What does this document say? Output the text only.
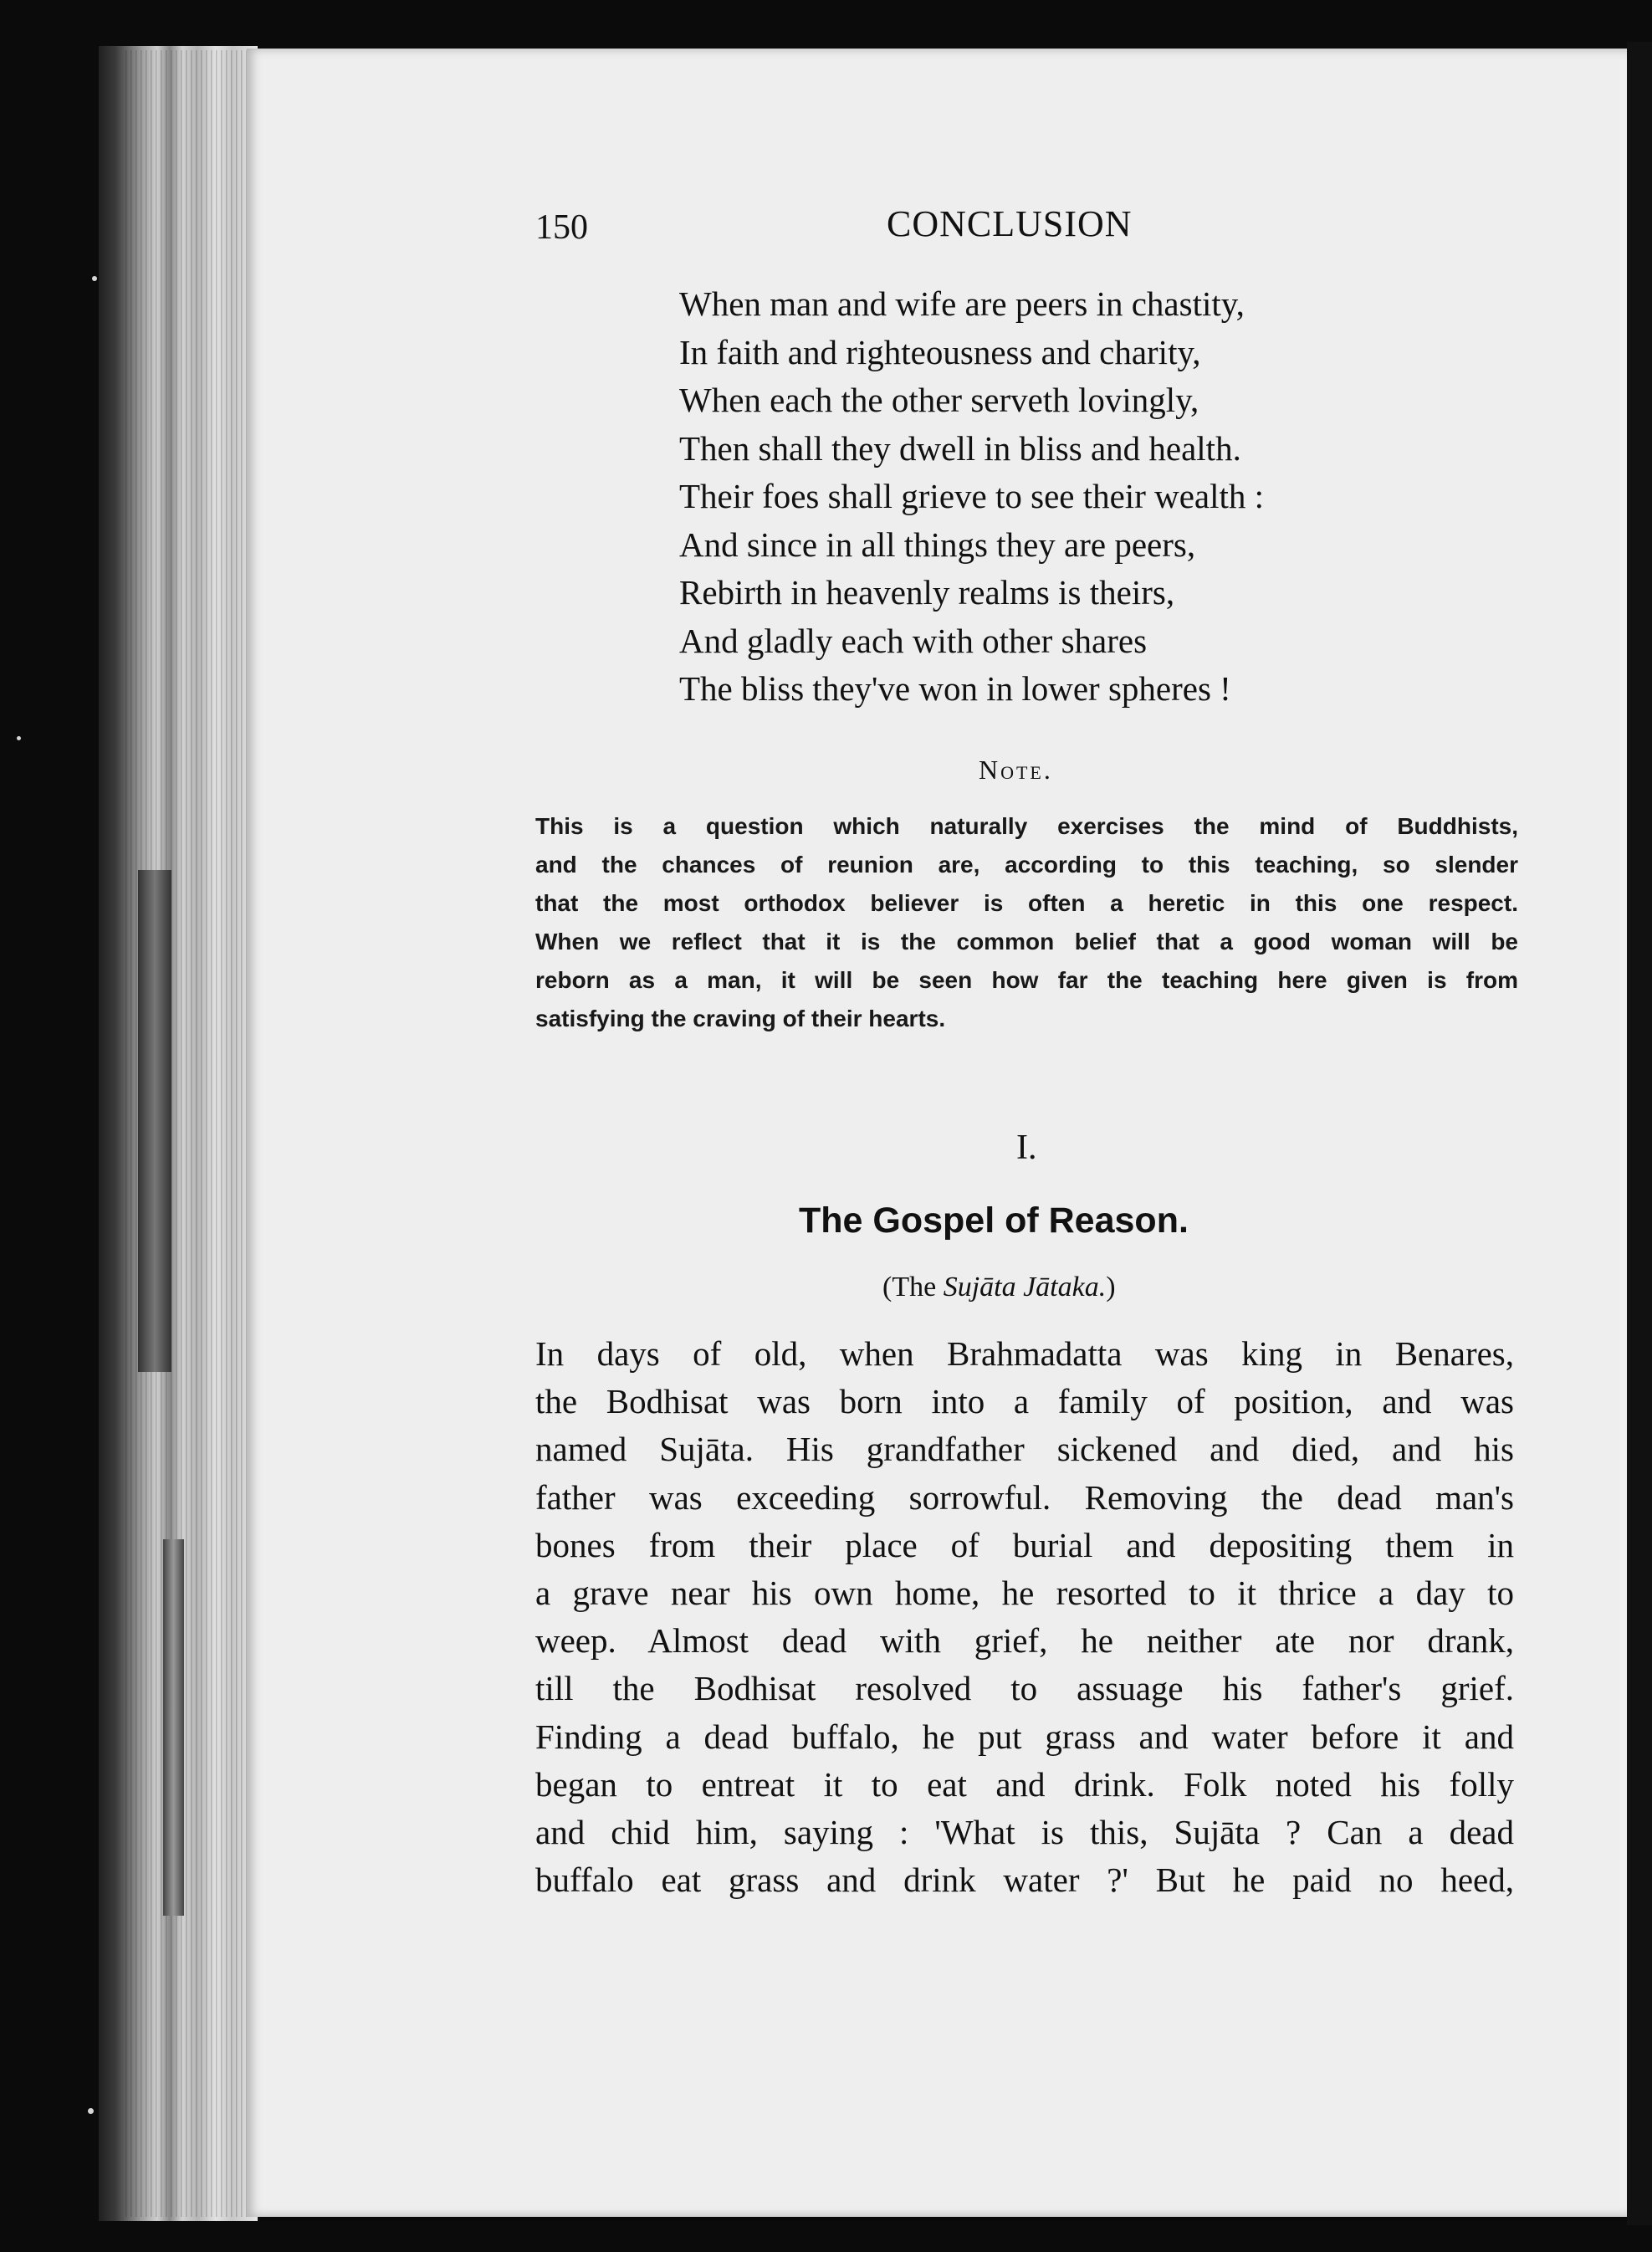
150	CONCLUSION
When man and wife are peers in chastity,
In faith and righteousness and charity,
When each the other serveth lovingly,
Then shall they dwell in bliss and health.
Their foes shall grieve to see their wealth :
And since in all things they are peers,
Rebirth in heavenly realms is theirs,
And gladly each with other shares
The bliss they've won in lower spheres !
Note.
This is a question which naturally exercises the mind of Buddhists,
and the chances of reunion are, according to this teaching, so slender
that the most orthodox believer is often a heretic in this one respect.
When we reflect that it is the common belief that a good woman will be
reborn as a man, it will be seen how far the teaching here given is from
satisfying the craving of their hearts.
I.
The Gospel of Reason.
(The Sujāta Jātaka.)
In days of old, when Brahmadatta was king in Benares,
the Bodhisat was born into a family of position, and was
named Sujāta. His grandfather sickened and died, and his
father was exceeding sorrowful. Removing the dead man's
bones from their place of burial and depositing them in
a grave near his own home, he resorted to it thrice a day to
weep. Almost dead with grief, he neither ate nor drank,
till the Bodhisat resolved to assuage his father's grief.
Finding a dead buffalo, he put grass and water before it and
began to entreat it to eat and drink. Folk noted his folly
and chid him, saying : 'What is this, Sujāta ? Can a dead
buffalo eat grass and drink water ?' But he paid no heed,
